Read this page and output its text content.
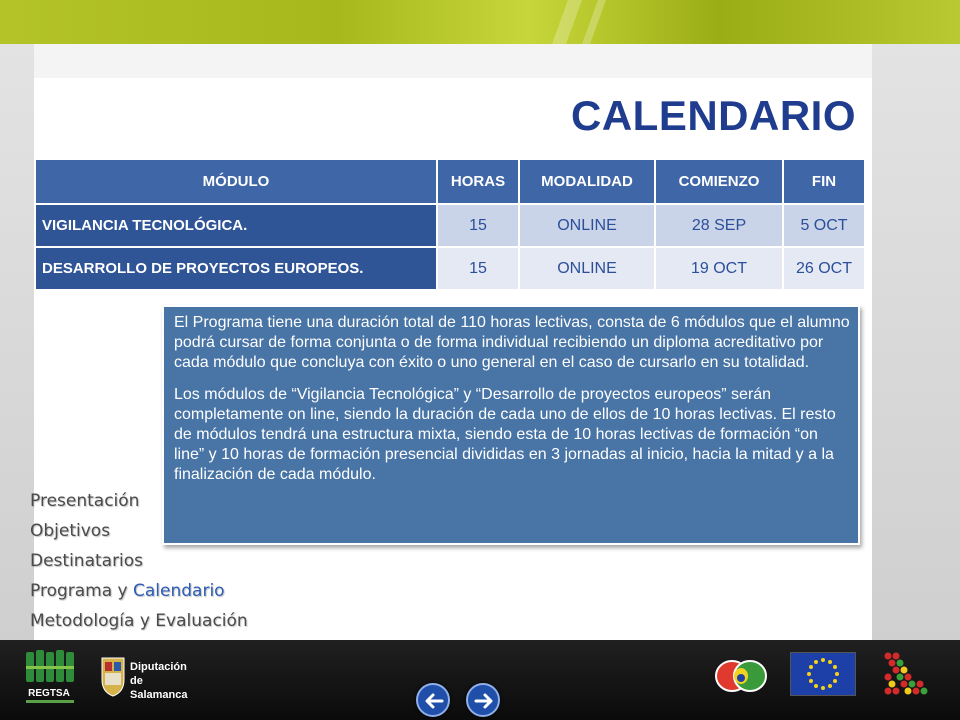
CALENDARIO
MÓDULO	HORAS	MODALIDAD	COMIENZO	FIN
VIGILANCIA TECNOLÓGICA.	15	ONLINE	28 SEP	5 OCT
DESARROLLO DE PROYECTOS EUROPEOS.	15	ONLINE	19 OCT	26 OCT

El Programa tiene una duración total de 110 horas lectivas, consta de 6 módulos que el alumno podrá cursar de forma conjunta o de forma individual recibiendo un diploma acreditativo por cada módulo que concluya con éxito o uno general en el caso de cursarlo en su totalidad.

Los módulos de “Vigilancia Tecnológica” y “Desarrollo de proyectos europeos” serán completamente on line, siendo la duración de cada uno de ellos de 10 horas lectivas. El resto de módulos tendrá una estructura mixta, siendo esta de 10 horas lectivas de formación “on line” y 10 horas de formación presencial divididas en 3 jornadas al inicio, hacia la mitad y a la finalización de cada módulo.

Presentación
Objetivos
Destinatarios
Programa y Calendario
Metodología y Evaluación
REGTSA
Diputación
de Salamanca
